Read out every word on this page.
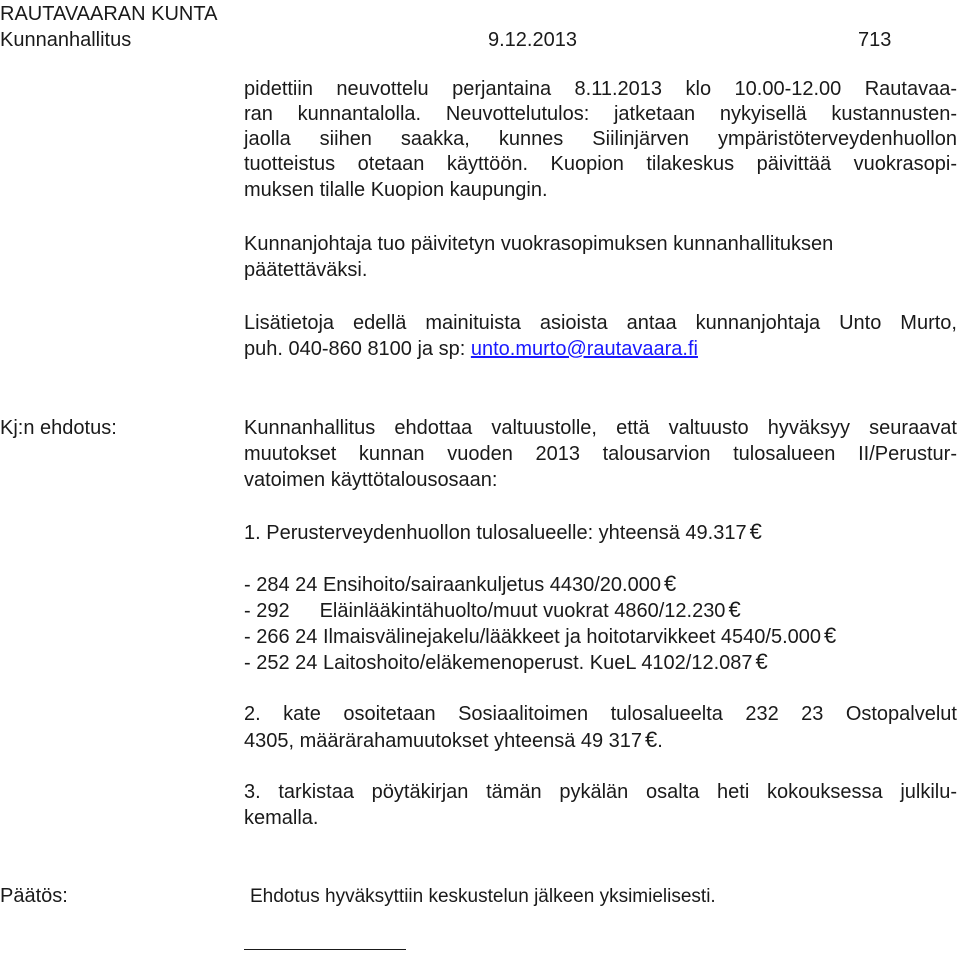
RAUTAVAARAN KUNTA
Kunnanhallitus	9.12.2013	713
pidettiin neuvottelu perjantaina 8.11.2013 klo 10.00-12.00 Rautavaa-
ran kunnantalolla. Neuvottelutulos: jatketaan nykyisellä kustannusten-
jaolla siihen saakka, kunnes Siilinjärven ympäristöterveydenhuollon
tuotteistus otetaan käyttöön. Kuopion tilakeskus päivittää vuokrasopi-
muksen tilalle Kuopion kaupungin.
Kunnanjohtaja tuo päivitetyn vuokrasopimuksen kunnanhallituksen
päätettäväksi.
Lisätietoja edellä mainituista asioista antaa kunnanjohtaja Unto Murto,
puh. 040-860 8100 ja sp: unto.murto@rautavaara.fi
Kj:n ehdotus:	Kunnanhallitus ehdottaa valtuustolle, että valtuusto hyväksyy seuraavat
muutokset kunnan vuoden 2013 talousarvion tulosalueen II/Perustur-
vatoimen käyttötalousosaan:
1. Perusterveydenhuollon tulosalueelle: yhteensä 49.317 €
- 284 24 Ensihoito/sairaankuljetus 4430/20.000 €
- 292 Eläinlääkintähuolto/muut vuokrat 4860/12.230 €
- 266 24 Ilmaisvälinejakelu/lääkkeet ja hoitotarvikkeet 4540/5.000 €
- 252 24 Laitoshoito/eläkemenoperust. KueL 4102/12.087 €
2. kate osoitetaan Sosiaalitoimen tulosalueelta 232 23 Ostopalvelut
4305, määrärahamuutokset yhteensä 49 317 €.
3. tarkistaa pöytäkirjan tämän pykälän osalta heti kokouksessa julkilu-
kemalla.
Päätös:	Ehdotus hyväksyttiin keskustelun jälkeen yksimielisesti.
